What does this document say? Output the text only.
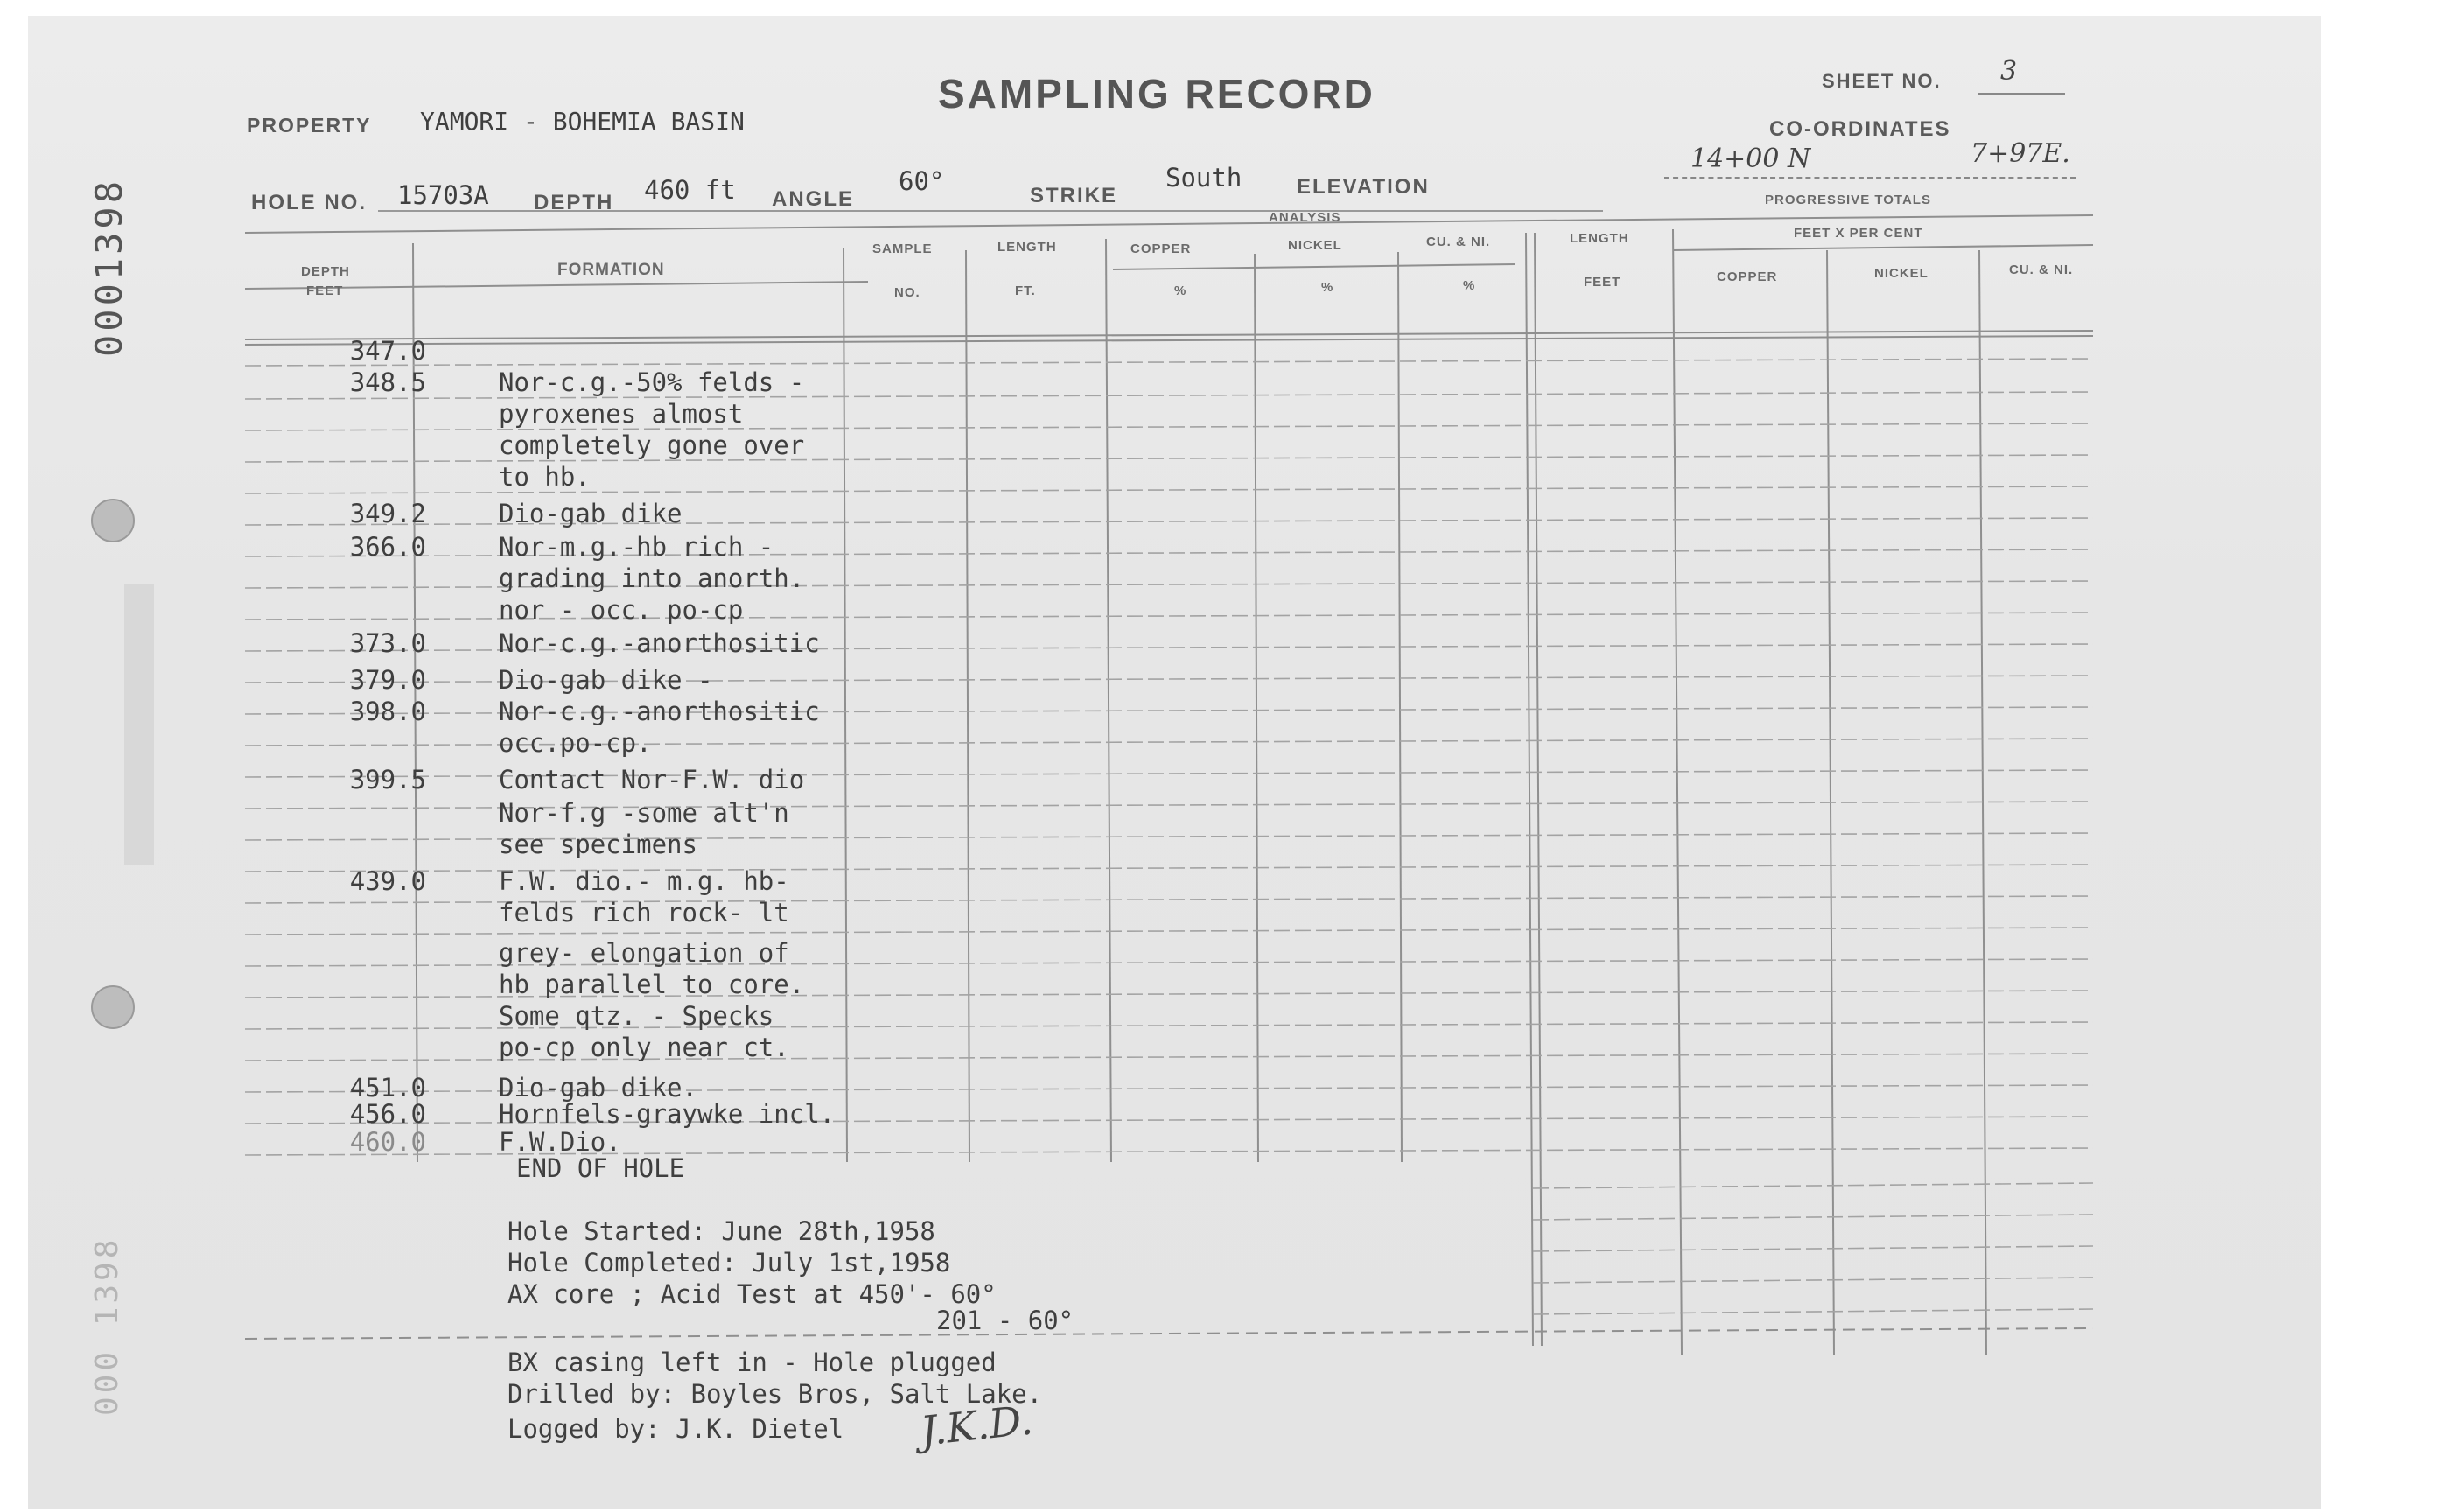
0001398
000 1398
SAMPLING RECORD	SHEET NO. 3
PROPERTY YAMORI - BOHEMIA BASIN	CO-ORDINATES
14+00 N	7+97E.
HOLE NO. 15703A DEPTH 460 ft ANGLE
60°	STRIKE
South	ELEVATION
DEPTH
FEET
FORMATION
SAMPLE
NO.
LENGTH
FT.
ANALYSIS
COPPER	NICKEL	CU. & NI.
%	%	%
PROGRESSIVE TOTALS
FEET X PER CENT
LENGTH
FEET	COPPER	NICKEL	CU. & NI.
347.0
348.5	Nor-c.g.-50% felds -
pyroxenes almost
completely gone over
to hb.
349.2	Dio-gab dike
366.0	Nor-m.g.-hb rich -
grading into anorth.
nor - occ. po-cp
373.0	Nor-c.g.-anorthositic
379.0	Dio-gab dike -
398.0	Nor-c.g.-anorthositic
occ.po-cp.
399.5	Contact Nor-F.W. dio
Nor-f.g -some alt'n
see specimens
439.0	F.W. dio.- m.g. hb-
felds rich rock- lt
grey- elongation of
hb parallel to core.
Some qtz. - Specks
po-cp only near ct.
451.0	Dio-gab dike.
456.0	Hornfels-graywke incl.
460.0	F.W.Dio.
END OF HOLE
Hole Started: June 28th,1958
Hole Completed: July 1st,1958
AX core ; Acid Test at 450'- 60°
201 - 60°
BX casing left in - Hole plugged
Drilled by: Boyles Bros, Salt Lake.
Logged by: J.K. Dietel J.K.D.
